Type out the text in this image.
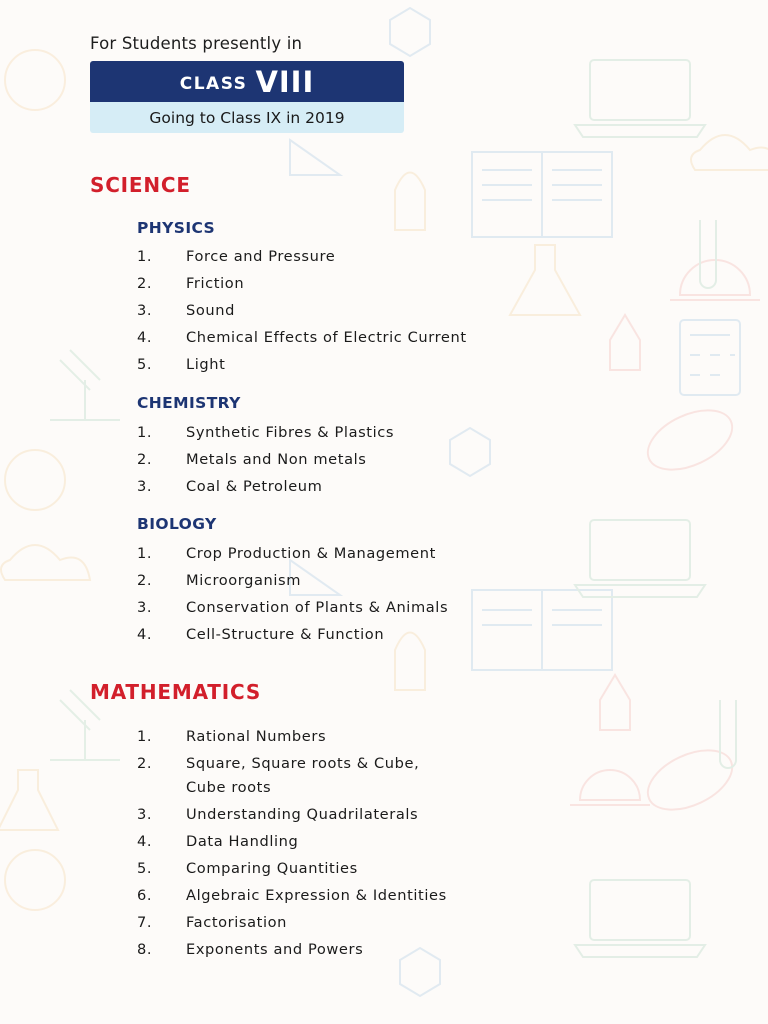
For Students presently in
CLASS VIII
Going to Class IX in 2019
SCIENCE
PHYSICS
1. Force and Pressure
2. Friction
3. Sound
4. Chemical Effects of Electric Current
5. Light
CHEMISTRY
1. Synthetic Fibres & Plastics
2. Metals and Non metals
3. Coal & Petroleum
BIOLOGY
1. Crop Production & Management
2. Microorganism
3. Conservation of Plants & Animals
4. Cell-Structure & Function
MATHEMATICS
1. Rational Numbers
2. Square, Square roots & Cube,
Cube roots
3. Understanding Quadrilaterals
4. Data Handling
5. Comparing Quantities
6. Algebraic Expression & Identities
7. Factorisation
8. Exponents and Powers
